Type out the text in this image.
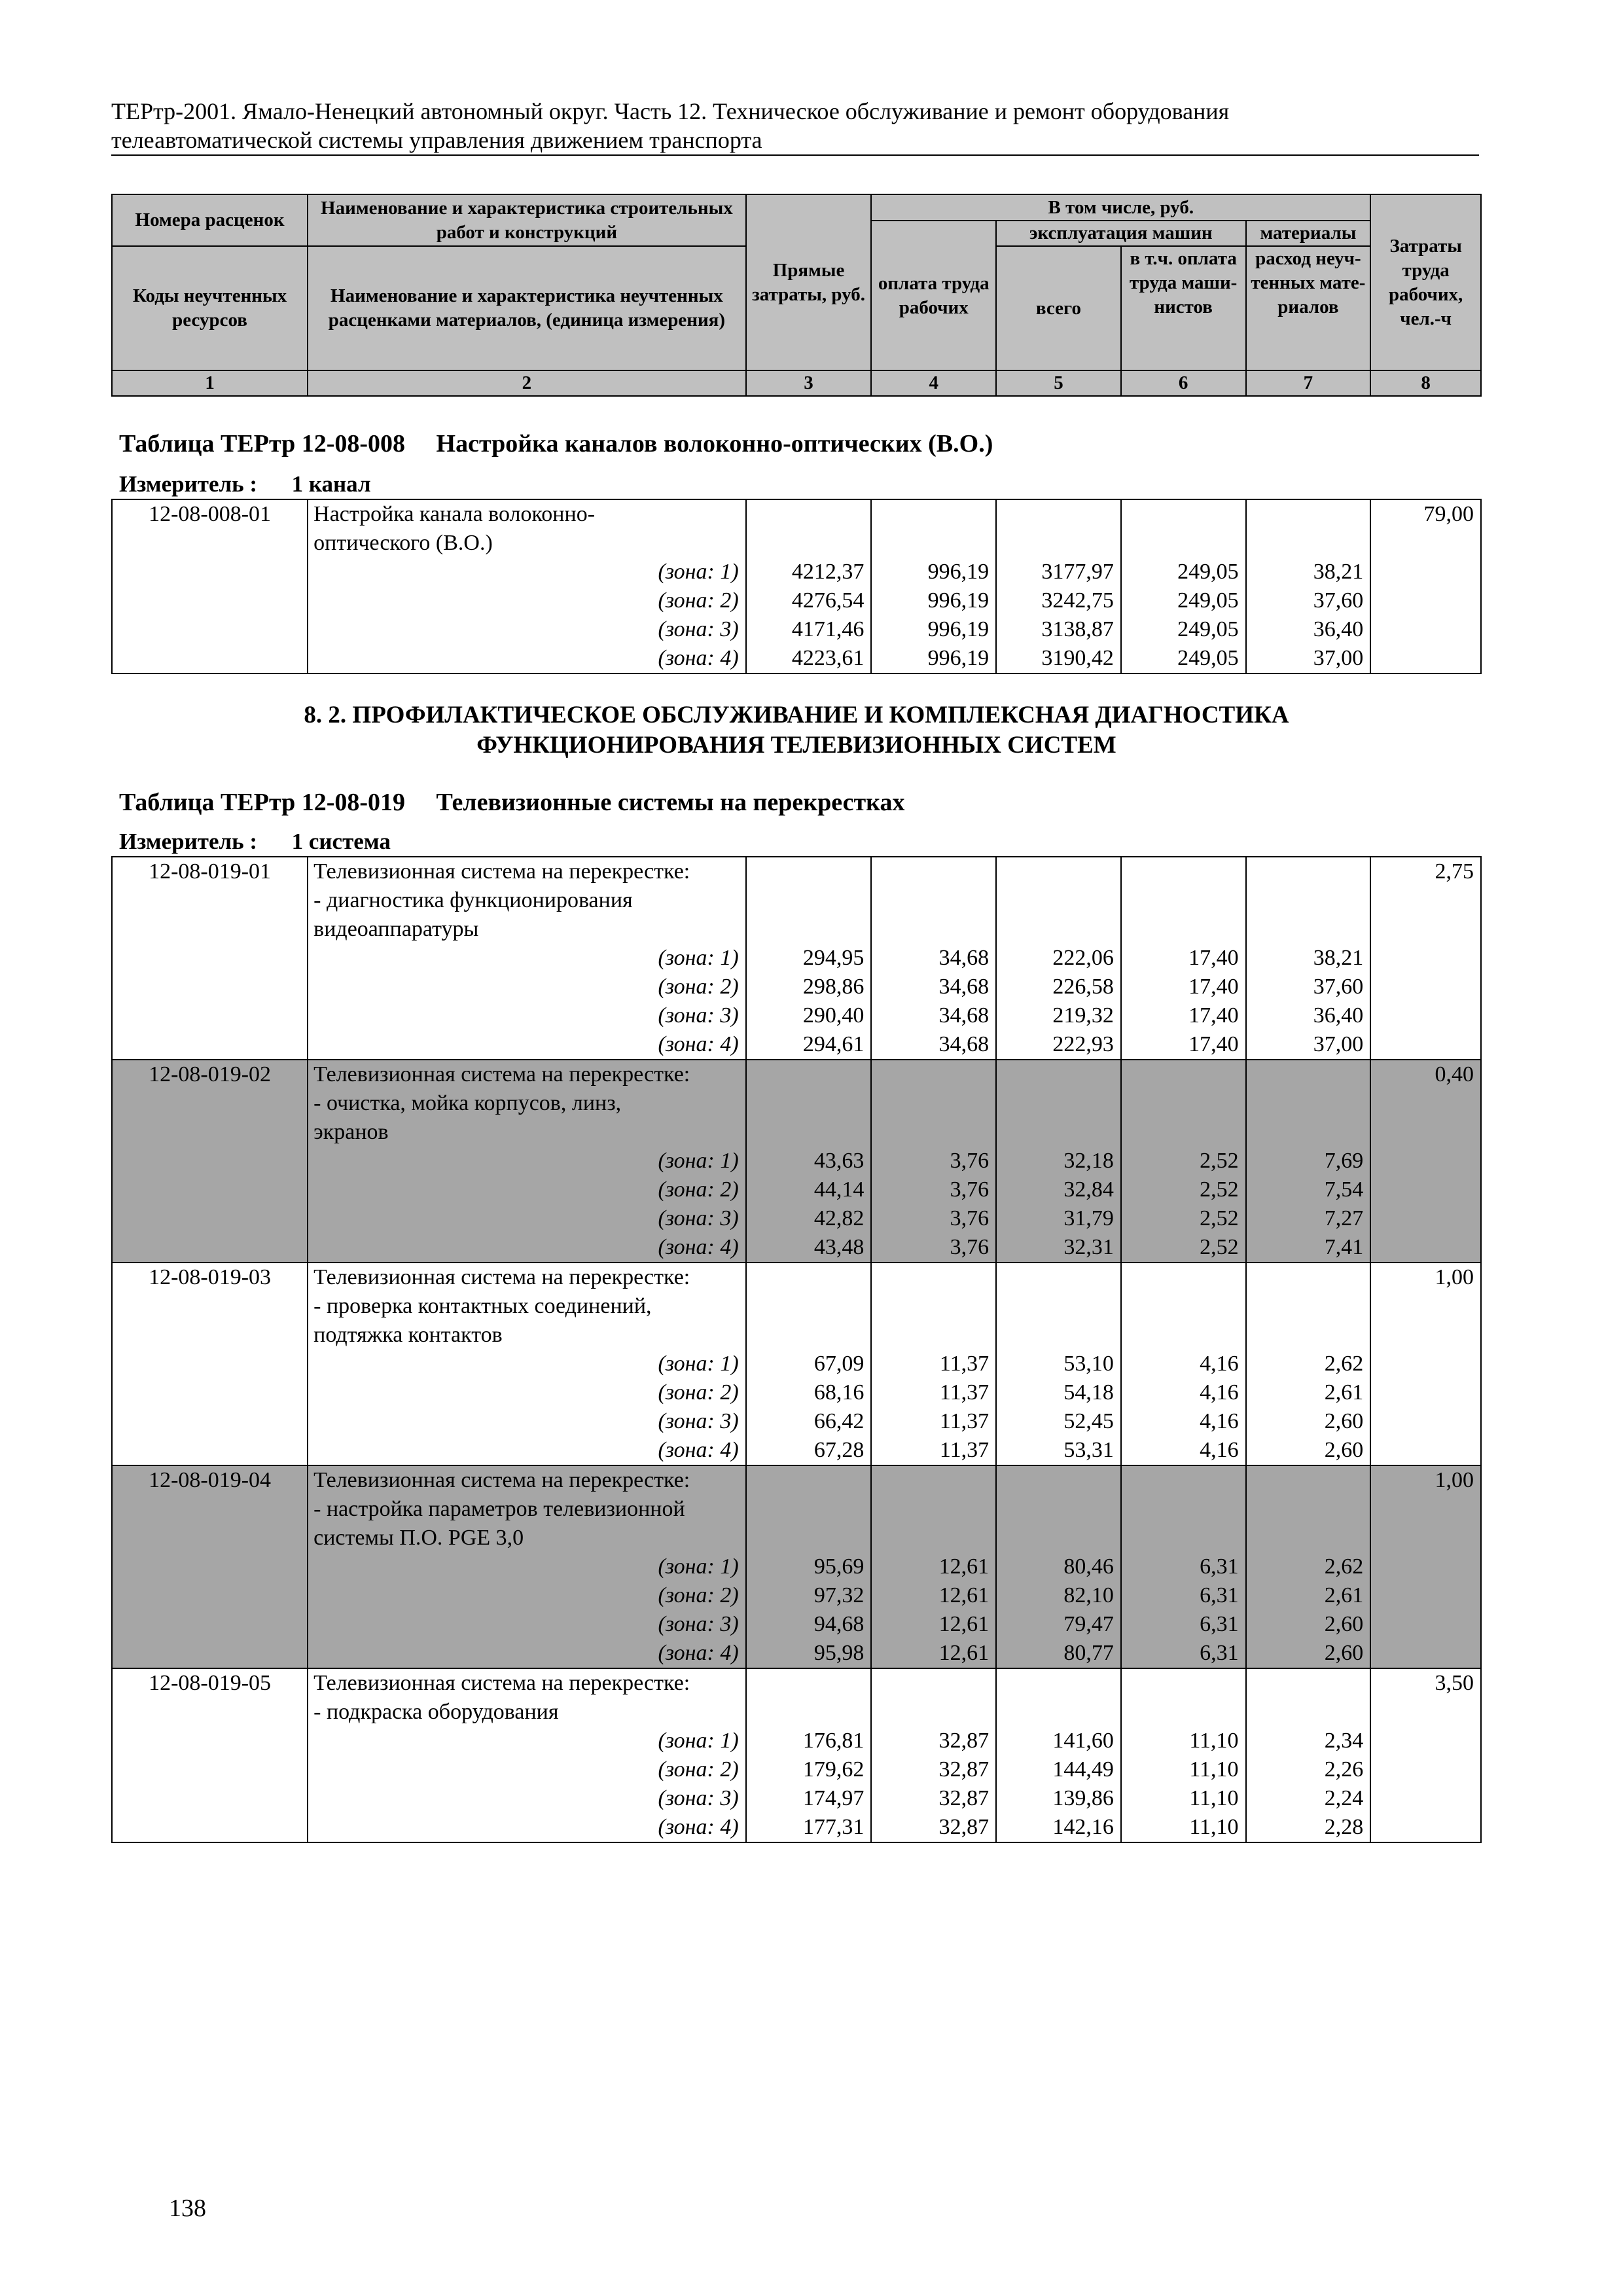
ТЕРтр-2001. Ямало-Ненецкий автономный округ. Часть 12. Техническое обслуживание и ремонт оборудования
телеавтоматической системы управления движением транспорта
Номера расценок	Наименование и характеристика строительных работ и конструкций	Прямые затраты, руб.	В том числе, руб.				Затраты труда рабочих, чел.-ч
			оплата труда рабочих	эксплуатация машин		материалы	
Коды неучтенных ресурсов	Наименование и характеристика неучтенных расценками материалов, (единица измерения)			всего	в т.ч. оплата труда маши-нистов	расход неуч-тенных мате-риалов	

1	2	3	4	5	6	7	8
Таблица ТЕРтр 12-08-008 Настройка каналов волоконно-оптических (В.О.)
Измеритель : 1 канал
12-08-008-01	Настройка канала волоконно-						79,00
	оптического (В.О.)						
	(зона: 1)	4212,37	996,19	3177,97	249,05	38,21	
	(зона: 2)	4276,54	996,19	3242,75	249,05	37,60	
	(зона: 3)	4171,46	996,19	3138,87	249,05	36,40	
	(зона: 4)	4223,61	996,19	3190,42	249,05	37,00	
8. 2. ПРОФИЛАКТИЧЕСКОЕ ОБСЛУЖИВАНИЕ И КОМПЛЕКСНАЯ ДИАГНОСТИКА
ФУНКЦИОНИРОВАНИЯ ТЕЛЕВИЗИОННЫХ СИСТЕМ
Таблица ТЕРтр 12-08-019 Телевизионные системы на перекрестках
Измеритель : 1 система
12-08-019-01	Телевизионная система на перекрестке:						2,75
	- диагностика функционирования						
	видеоаппаратуры						
	(зона: 1)	294,95	34,68	222,06	17,40	38,21	
	(зона: 2)	298,86	34,68	226,58	17,40	37,60	
	(зона: 3)	290,40	34,68	219,32	17,40	36,40	
	(зона: 4)	294,61	34,68	222,93	17,40	37,00	
12-08-019-02	Телевизионная система на перекрестке:						0,40
	- очистка, мойка корпусов, линз,						
	экранов						
	(зона: 1)	43,63	3,76	32,18	2,52	7,69	
	(зона: 2)	44,14	3,76	32,84	2,52	7,54	
	(зона: 3)	42,82	3,76	31,79	2,52	7,27	
	(зона: 4)	43,48	3,76	32,31	2,52	7,41	
12-08-019-03	Телевизионная система на перекрестке:						1,00
	- проверка контактных соединений,						
	подтяжка контактов						
	(зона: 1)	67,09	11,37	53,10	4,16	2,62	
	(зона: 2)	68,16	11,37	54,18	4,16	2,61	
	(зона: 3)	66,42	11,37	52,45	4,16	2,60	
	(зона: 4)	67,28	11,37	53,31	4,16	2,60	
12-08-019-04	Телевизионная система на перекрестке:						1,00
	- настройка параметров телевизионной						
	системы П.О. PGE 3,0						
	(зона: 1)	95,69	12,61	80,46	6,31	2,62	
	(зона: 2)	97,32	12,61	82,10	6,31	2,61	
	(зона: 3)	94,68	12,61	79,47	6,31	2,60	
	(зона: 4)	95,98	12,61	80,77	6,31	2,60	
12-08-019-05	Телевизионная система на перекрестке:						3,50
	- подкраска оборудования						
	(зона: 1)	176,81	32,87	141,60	11,10	2,34	
	(зона: 2)	179,62	32,87	144,49	11,10	2,26	
	(зона: 3)	174,97	32,87	139,86	11,10	2,24	
	(зона: 4)	177,31	32,87	142,16	11,10	2,28	
138
